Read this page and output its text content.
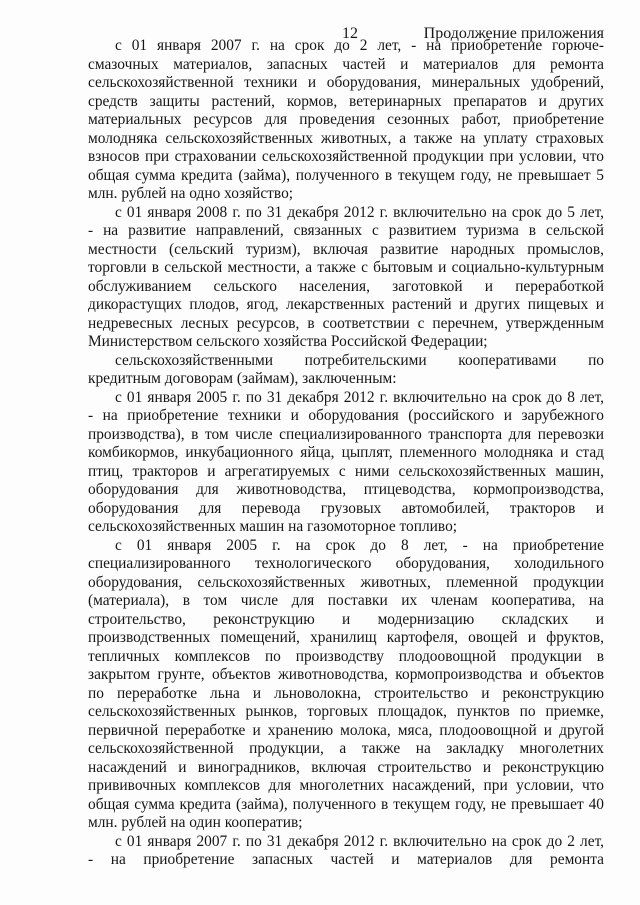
12	Продолжение приложения
с 01 января 2007 г. на срок до 2 лет, - на приобретение горюче-
смазочных материалов, запасных частей и материалов для ремонта
сельскохозяйственной техники и оборудования, минеральных удобрений,
средств защиты растений, кормов, ветеринарных препаратов и других
материальных ресурсов для проведения сезонных работ, приобретение
молодняка сельскохозяйственных животных, а также на уплату страховых
взносов при страховании сельскохозяйственной продукции при условии, что
общая сумма кредита (займа), полученного в текущем году, не превышает 5
млн. рублей на одно хозяйство;
с 01 января 2008 г. по 31 декабря 2012 г. включительно на срок до 5 лет,
- на развитие направлений, связанных с развитием туризма в сельской
местности (сельский туризм), включая развитие народных промыслов,
торговли в сельской местности, а также с бытовым и социально-культурным
обслуживанием сельского населения, заготовкой и переработкой
дикорастущих плодов, ягод, лекарственных растений и других пищевых и
недревесных лесных ресурсов, в соответствии с перечнем, утвержденным
Министерством сельского хозяйства Российской Федерации;
сельскохозяйственными потребительскими кооперативами по
кредитным договорам (займам), заключенным:
с 01 января 2005 г. по 31 декабря 2012 г. включительно на срок до 8 лет,
- на приобретение техники и оборудования (российского и зарубежного
производства), в том числе специализированного транспорта для перевозки
комбикормов, инкубационного яйца, цыплят, племенного молодняка и стад
птиц, тракторов и агрегатируемых с ними сельскохозяйственных машин,
оборудования для животноводства, птицеводства, кормопроизводства,
оборудования для перевода грузовых автомобилей, тракторов и
сельскохозяйственных машин на газомоторное топливо;
с 01 января 2005 г. на срок до 8 лет, - на приобретение
специализированного технологического оборудования, холодильного
оборудования, сельскохозяйственных животных, племенной продукции
(материала), в том числе для поставки их членам кооператива, на
строительство, реконструкцию и модернизацию складских и
производственных помещений, хранилищ картофеля, овощей и фруктов,
тепличных комплексов по производству плодоовощной продукции в
закрытом грунте, объектов животноводства, кормопроизводства и объектов
по переработке льна и льноволокна, строительство и реконструкцию
сельскохозяйственных рынков, торговых площадок, пунктов по приемке,
первичной переработке и хранению молока, мяса, плодоовощной и другой
сельскохозяйственной продукции, а также на закладку многолетних
насаждений и виноградников, включая строительство и реконструкцию
прививочных комплексов для многолетних насаждений, при условии, что
общая сумма кредита (займа), полученного в текущем году, не превышает 40
млн. рублей на один кооператив;
с 01 января 2007 г. по 31 декабря 2012 г. включительно на срок до 2 лет,
- на приобретение запасных частей и материалов для ремонта
